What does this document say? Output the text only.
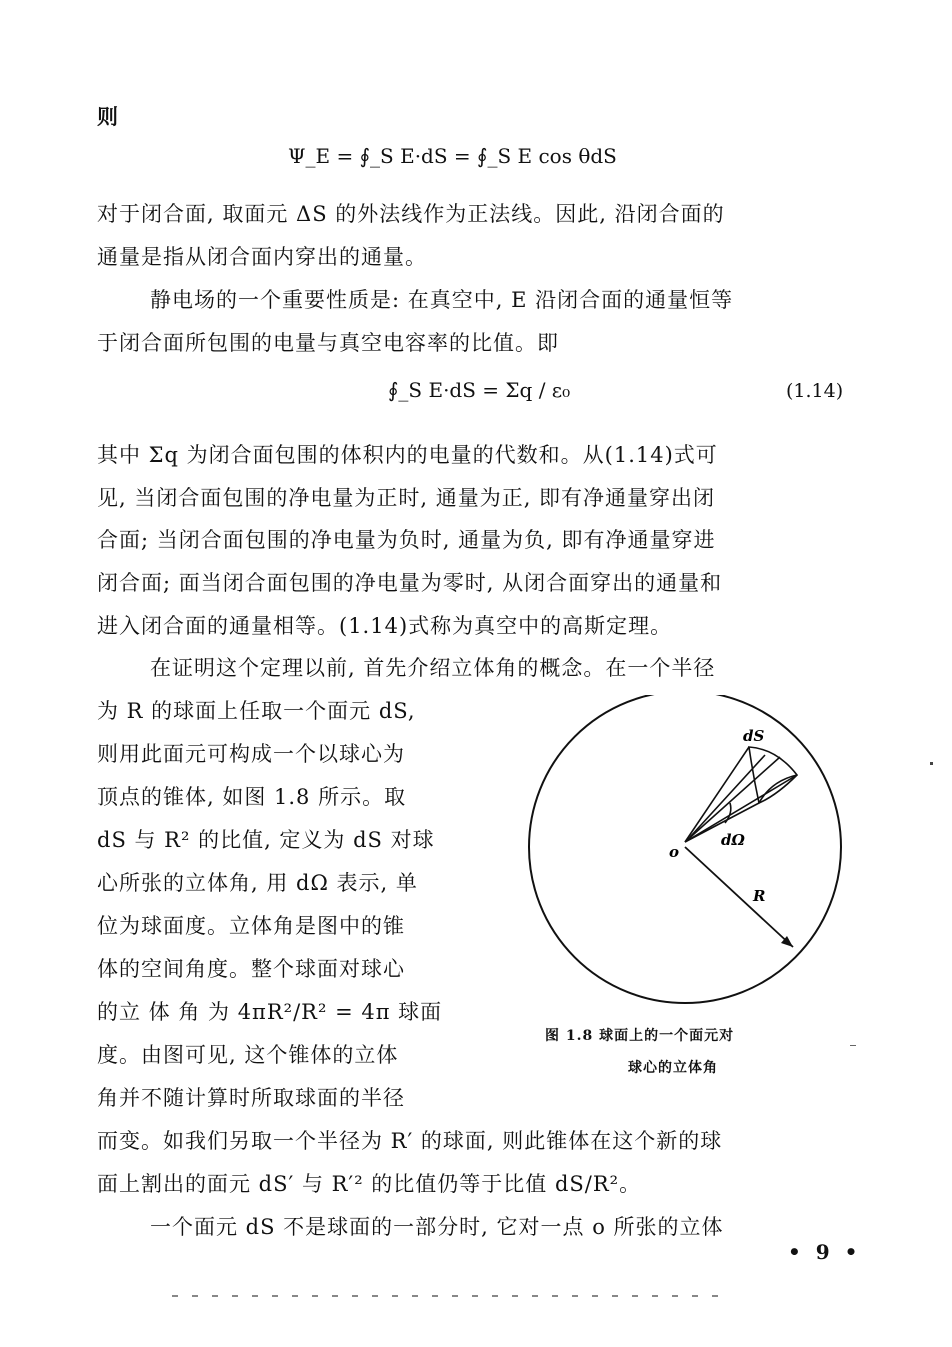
则
Ψ_E = ∮_S E·dS = ∮_S E cos θdS
对于闭合面, 取面元 ΔS 的外法线作为正法线。因此, 沿闭合面的
通量是指从闭合面内穿出的通量。
静电场的一个重要性质是: 在真空中, E 沿闭合面的通量恒等
于闭合面所包围的电量与真空电容率的比值。即
∮_S E·dS = Σq / ε₀	(1.14)
其中 Σq 为闭合面包围的体积内的电量的代数和。从(1.14)式可
见, 当闭合面包围的净电量为正时, 通量为正, 即有净通量穿出闭
合面; 当闭合面包围的净电量为负时, 通量为负, 即有净通量穿进
闭合面; 面当闭合面包围的净电量为零时, 从闭合面穿出的通量和
进入闭合面的通量相等。(1.14)式称为真空中的高斯定理。
在证明这个定理以前, 首先介绍立体角的概念。在一个半径
为 R 的球面上任取一个面元 dS,
则用此面元可构成一个以球心为
顶点的锥体, 如图 1.8 所示。取
dS 与 R² 的比值, 定义为 dS 对球
心所张的立体角, 用 dΩ 表示, 单
位为球面度。立体角是图中的锥
体的空间角度。整个球面对球心
的立 体 角 为 4πR²/R² = 4π 球面
度。由图可见, 这个锥体的立体
角并不随计算时所取球面的半径
而变。如我们另取一个半径为 R′ 的球面, 则此锥体在这个新的球
面上割出的面元 dS′ 与 R′² 的比值仍等于比值 dS/R²。
一个面元 dS 不是球面的一部分时, 它对一点 o 所张的立体
dS
dΩ
o
R
图 1.8 球面上的一个面元对
球心的立体角
• 9 •
